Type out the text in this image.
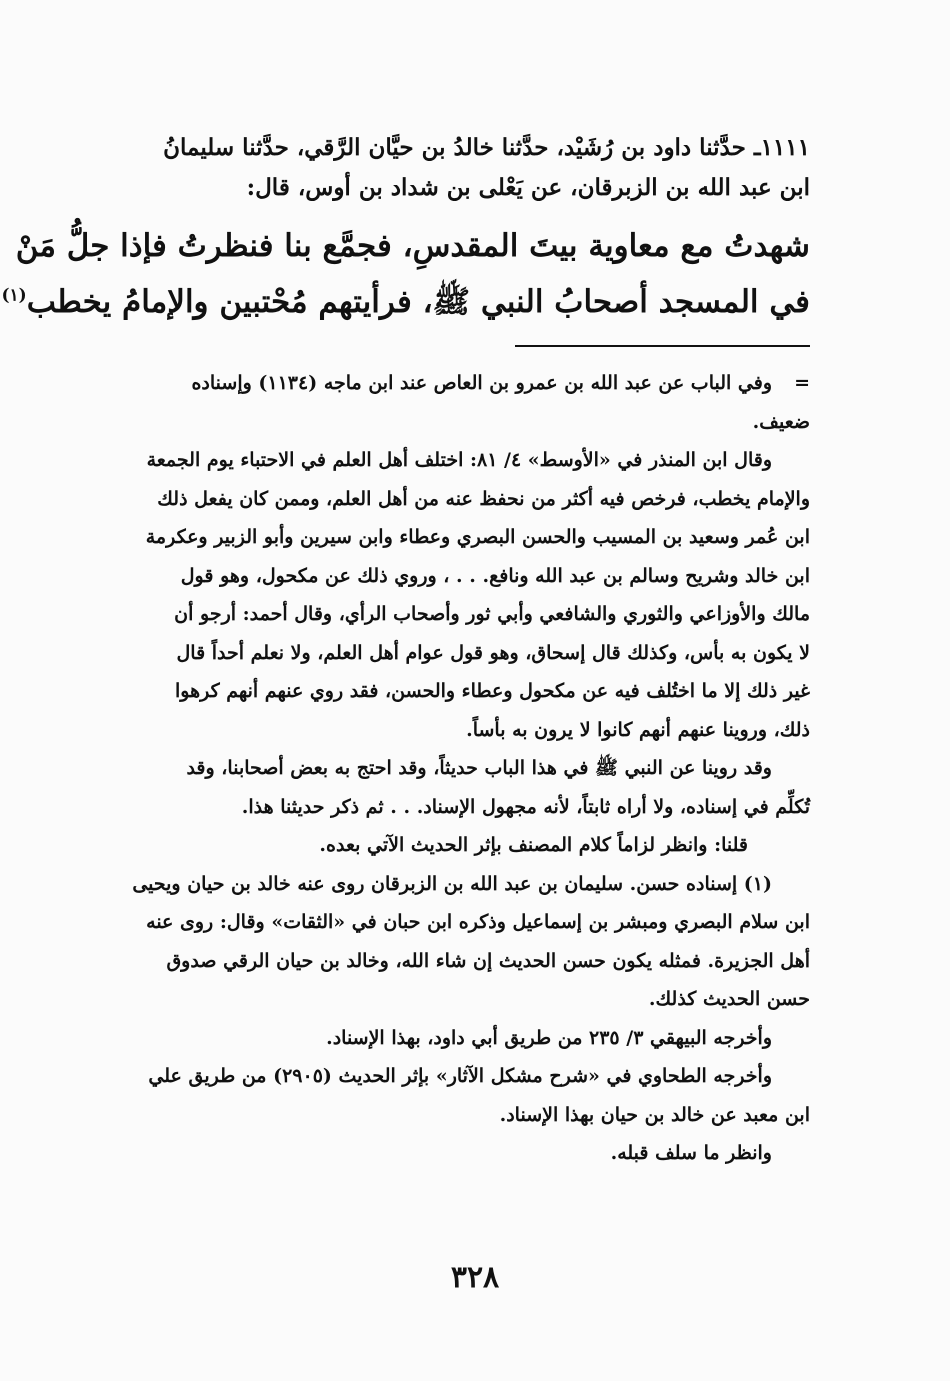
١١١١ـ حدَّثنا داود بن رُشَيْد، حدَّثنا خالدُ بن حيَّان الرَّقي، حدَّثنا سليمانُ
ابن عبد الله بن الزبرقان، عن يَعْلى بن شداد بن أوس، قال:
شهدتُ مع معاوية بيتَ المقدسِ، فجمَّع بنا فنظرتُ فإذا جلُّ مَنْ
في المسجد أصحابُ النبي ﷺ، فرأيتهم مُحْتبين والإمامُ يخطب$^{(١)}$
=وفي الباب عن عبد الله بن عمرو بن العاص عند ابن ماجه (١١٣٤) وإسناده
ضعيف.
وقال ابن المنذر في «الأوسط» ٤/ ٨١: اختلف أهل العلم في الاحتباء يوم الجمعة
والإمام يخطب، فرخص فيه أكثر من نحفظ عنه من أهل العلم، وممن كان يفعل ذلك
ابن عُمر وسعيد بن المسيب والحسن البصري وعطاء وابن سيرين وأبو الزبير وعكرمة
ابن خالد وشريح وسالم بن عبد الله ونافع. . . ، وروي ذلك عن مكحول، وهو قول
مالك والأوزاعي والثوري والشافعي وأبي ثور وأصحاب الرأي، وقال أحمد: أرجو أن
لا يكون به بأس، وكذلك قال إسحاق، وهو قول عوام أهل العلم، ولا نعلم أحداً قال
غير ذلك إلا ما اختُلف فيه عن مكحول وعطاء والحسن، فقد روي عنهم أنهم كرهوا
ذلك، وروينا عنهم أنهم كانوا لا يرون به بأساً.
وقد روينا عن النبي ﷺ في هذا الباب حديثاً، وقد احتج به بعض أصحابنا، وقد
تُكلِّم في إسناده، ولا أراه ثابتاً، لأنه مجهول الإسناد. . . ثم ذكر حديثنا هذا.
قلنا: وانظر لزاماً كلام المصنف بإثر الحديث الآتي بعده.
(١) إسناده حسن. سليمان بن عبد الله بن الزبرقان روى عنه خالد بن حيان ويحيى
ابن سلام البصري ومبشر بن إسماعيل وذكره ابن حبان في «الثقات» وقال: روى عنه
أهل الجزيرة. فمثله يكون حسن الحديث إن شاء الله، وخالد بن حيان الرقي صدوق
حسن الحديث كذلك.
وأخرجه البيهقي ٣/ ٢٣٥ من طريق أبي داود، بهذا الإسناد.
وأخرجه الطحاوي في «شرح مشكل الآثار» بإثر الحديث (٢٩٠٥) من طريق علي
ابن معبد عن خالد بن حيان بهذا الإسناد.
وانظر ما سلف قبله.
٣٢٨
